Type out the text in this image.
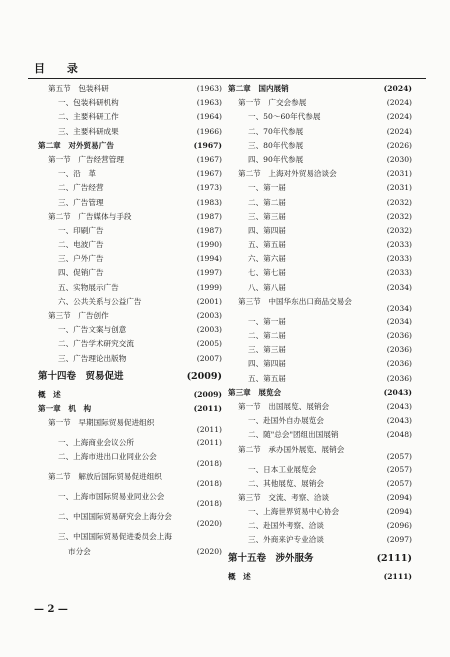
目 录
第五节　包装科研	(1963)
一、包装科研机构	(1963)
二、主要科研工作	(1964)
三、主要科研成果	(1966)
第二章　对外贸易广告	(1967)
第一节　广告经营管理	(1967)
一、沿　革	(1967)
二、广告经营	(1973)
三、广告管理	(1983)
第二节　广告媒体与手段	(1987)
一、印刷广告	(1987)
二、电波广告	(1990)
三、户外广告	(1994)
四、促销广告	(1997)
五、实物展示广告	(1999)
六、公共关系与公益广告	(2001)
第三节　广告创作	(2003)
一、广告文案与创意	(2003)
二、广告学术研究交流	(2005)
三、广告理论出版物	(2007)
第十四卷　贸易促进	(2009)
概　述	(2009)
第一章　机　构	(2011)
第一节　早期国际贸易促进组织
(2011)
一、上海商业会议公所	(2011)
二、上海市进出口业同业公会
(2018)
第二节　解放后国际贸易促进组织
(2018)
一、上海市国际贸易业同业公会
(2018)
二、中国国际贸易研究会上海分会
(2020)
三、中国国际贸易促进委员会上海
市分会	(2020)
第二章　国内展销	(2024)
第一节　广交会参展	(2024)
一、50～60年代参展	(2024)
二、70年代参展	(2024)
三、80年代参展	(2026)
四、90年代参展	(2030)
第二节　上海对外贸易洽谈会	(2031)
一、第一届	(2031)
二、第二届	(2032)
三、第三届	(2032)
四、第四届	(2032)
五、第五届	(2033)
六、第六届	(2033)
七、第七届	(2033)
八、第八届	(2034)
第三节　中国华东出口商品交易会
(2034)
一、第一届	(2034)
二、第二届	(2036)
三、第三届	(2036)
四、第四届	(2036)
五、第五届	(2036)
第三章　展览会	(2043)
第一节　出国展览、展销会	(2043)
一、赴国外自办展览会	(2043)
二、随"总会"团组出国展销	(2048)
第二节　承办国外展览、展销会
(2057)
一、日本工业展览会	(2057)
二、其他展览、展销会	(2057)
第三节　交流、考察、洽谈	(2094)
一、上海世界贸易中心协会	(2094)
二、赴国外考察、洽谈	(2096)
三、外商来沪专业洽谈	(2097)
第十五卷　涉外服务	(2111)
概　述	(2111)
— 2 —
